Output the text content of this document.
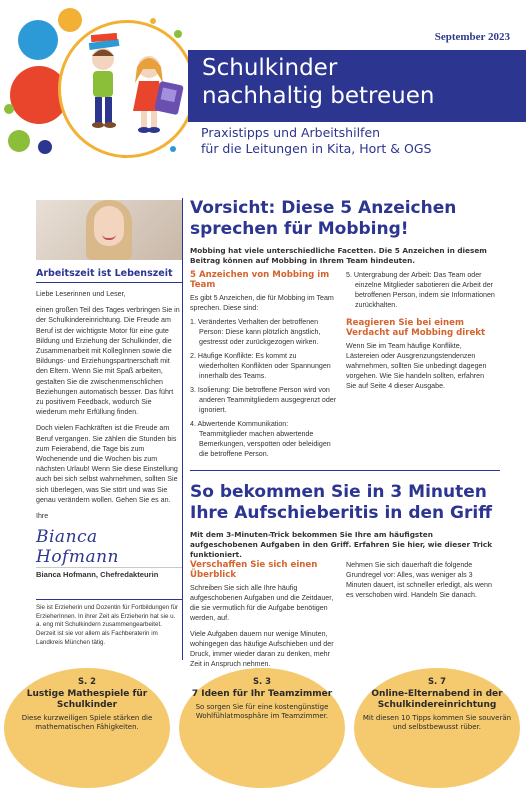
September 2023
Schulkinder
nachhaltig betreuen
Praxistipps und Arbeitshilfen
für die Leitungen in Kita, Hort & OGS
Arbeitszeit ist Lebenszeit

Liebe Leserinnen und Leser,

einen großen Teil des Tages verbringen Sie in der Schulkindereinrichtung. Die Freude am Beruf ist der wichtigste Motor für eine gute Bildung und Erziehung der Schulkinder, die Zusammenarbeit mit KollegInnen sowie die Bildungs- und Erziehungspartnerschaft mit den Eltern. Wenn Sie mit Spaß arbeiten, gestalten Sie die zwischenmenschlichen Beziehungen automatisch besser. Das führt zu positivem Feedback, wodurch Sie wiederum mehr Erfüllung finden.

Doch vielen Fachkräften ist die Freude am Beruf vergangen. Sie zählen die Stunden bis zum Feierabend, die Tage bis zum Wochenende und die Wochen bis zum nächsten Urlaub! Wenn Sie diese Einstellung auch bei sich selbst wahrnehmen, sollten Sie sich überlegen, was Sie stört und was Sie genau verändern wollen. Gehen Sie es an.

Ihre

Bianca Hofmann
Bianca Hofmann, Chefredakteurin
Sie ist Erzieherin und Dozentin für Fortbildungen für ErzieherInnen. In ihrer Zeit als Erzieherin hat sie u. a. eng mit Schulkindern zusammengearbeitet. Derzeit ist sie vor allem als Fachberaterin im Landkreis München tätig.
Vorsicht: Diese 5 Anzeichen sprechen für Mobbing!
Mobbing hat viele unterschiedliche Facetten. Die 5 Anzeichen in diesem Beitrag können auf Mobbing in Ihrem Team hindeuten.
5 Anzeichen von Mobbing im Team

Es gibt 5 Anzeichen, die für Mobbing im Team sprechen. Diese sind:

1. Verändertes Verhalten der betroffenen Person: Diese kann plötzlich ängstlich, gestresst oder zurückgezogen wirken.

2. Häufige Konflikte: Es kommt zu wiederholten Konflikten oder Spannungen innerhalb des Teams.

3. Isolierung: Die betroffene Person wird von anderen Teammitgliedern ausgegrenzt oder ignoriert.

4. Abwertende Kommunikation: Teammitglieder machen abwertende Bemerkungen, verspotten oder beleidigen die betroffene Person.

5. Untergrabung der Arbeit: Das Team oder einzelne Mitglieder sabotieren die Arbeit der betroffenen Person, indem sie Informationen zurückhalten.

Reagieren Sie bei einem Verdacht auf Mobbing direkt

Wenn Sie im Team häufige Konflikte, Lästereien oder Ausgrenzungstendenzen wahrnehmen, sollten Sie unbedingt dagegen vorgehen. Wie Sie handeln sollten, erfahren Sie auf Seite 4 dieser Ausgabe.

So bekommen Sie in 3 Minuten Ihre Aufschieberitis in den Griff
Mit dem 3-Minuten-Trick bekommen Sie Ihre am häufigsten aufgeschobenen Aufgaben in den Griff. Erfahren Sie hier, wie dieser Trick funktioniert.
Verschaffen Sie sich einen Überblick

Schreiben Sie sich alle Ihre häufig aufgeschobenen Aufgaben und die Zeitdauer, die sie vermutlich für die Aufgabe benötigen werden, auf.

Viele Aufgaben dauern nur wenige Minuten, wohingegen das häufige Aufschieben und der Druck, immer wieder daran zu denken, mehr Zeit in Anspruch nehmen.

Nehmen Sie sich dauerhaft die folgende Grundregel vor: Alles, was weniger als 3 Minuten dauert, ist schneller erledigt, als wenn es verschoben wird. Handeln Sie danach.

S. 2
Lustige Mathespiele für Schulkinder
Diese kurzweiligen Spiele stärken die mathematischen Fähigkeiten.
S. 3
7 Ideen für Ihr Teamzimmer
So sorgen Sie für eine kostengünstige Wohlfühlatmosphäre im Teamzimmer.
S. 7
Online-Elternabend in der Schulkindereinrichtung
Mit diesen 10 Tipps kommen Sie souverän und selbstbewusst rüber.
